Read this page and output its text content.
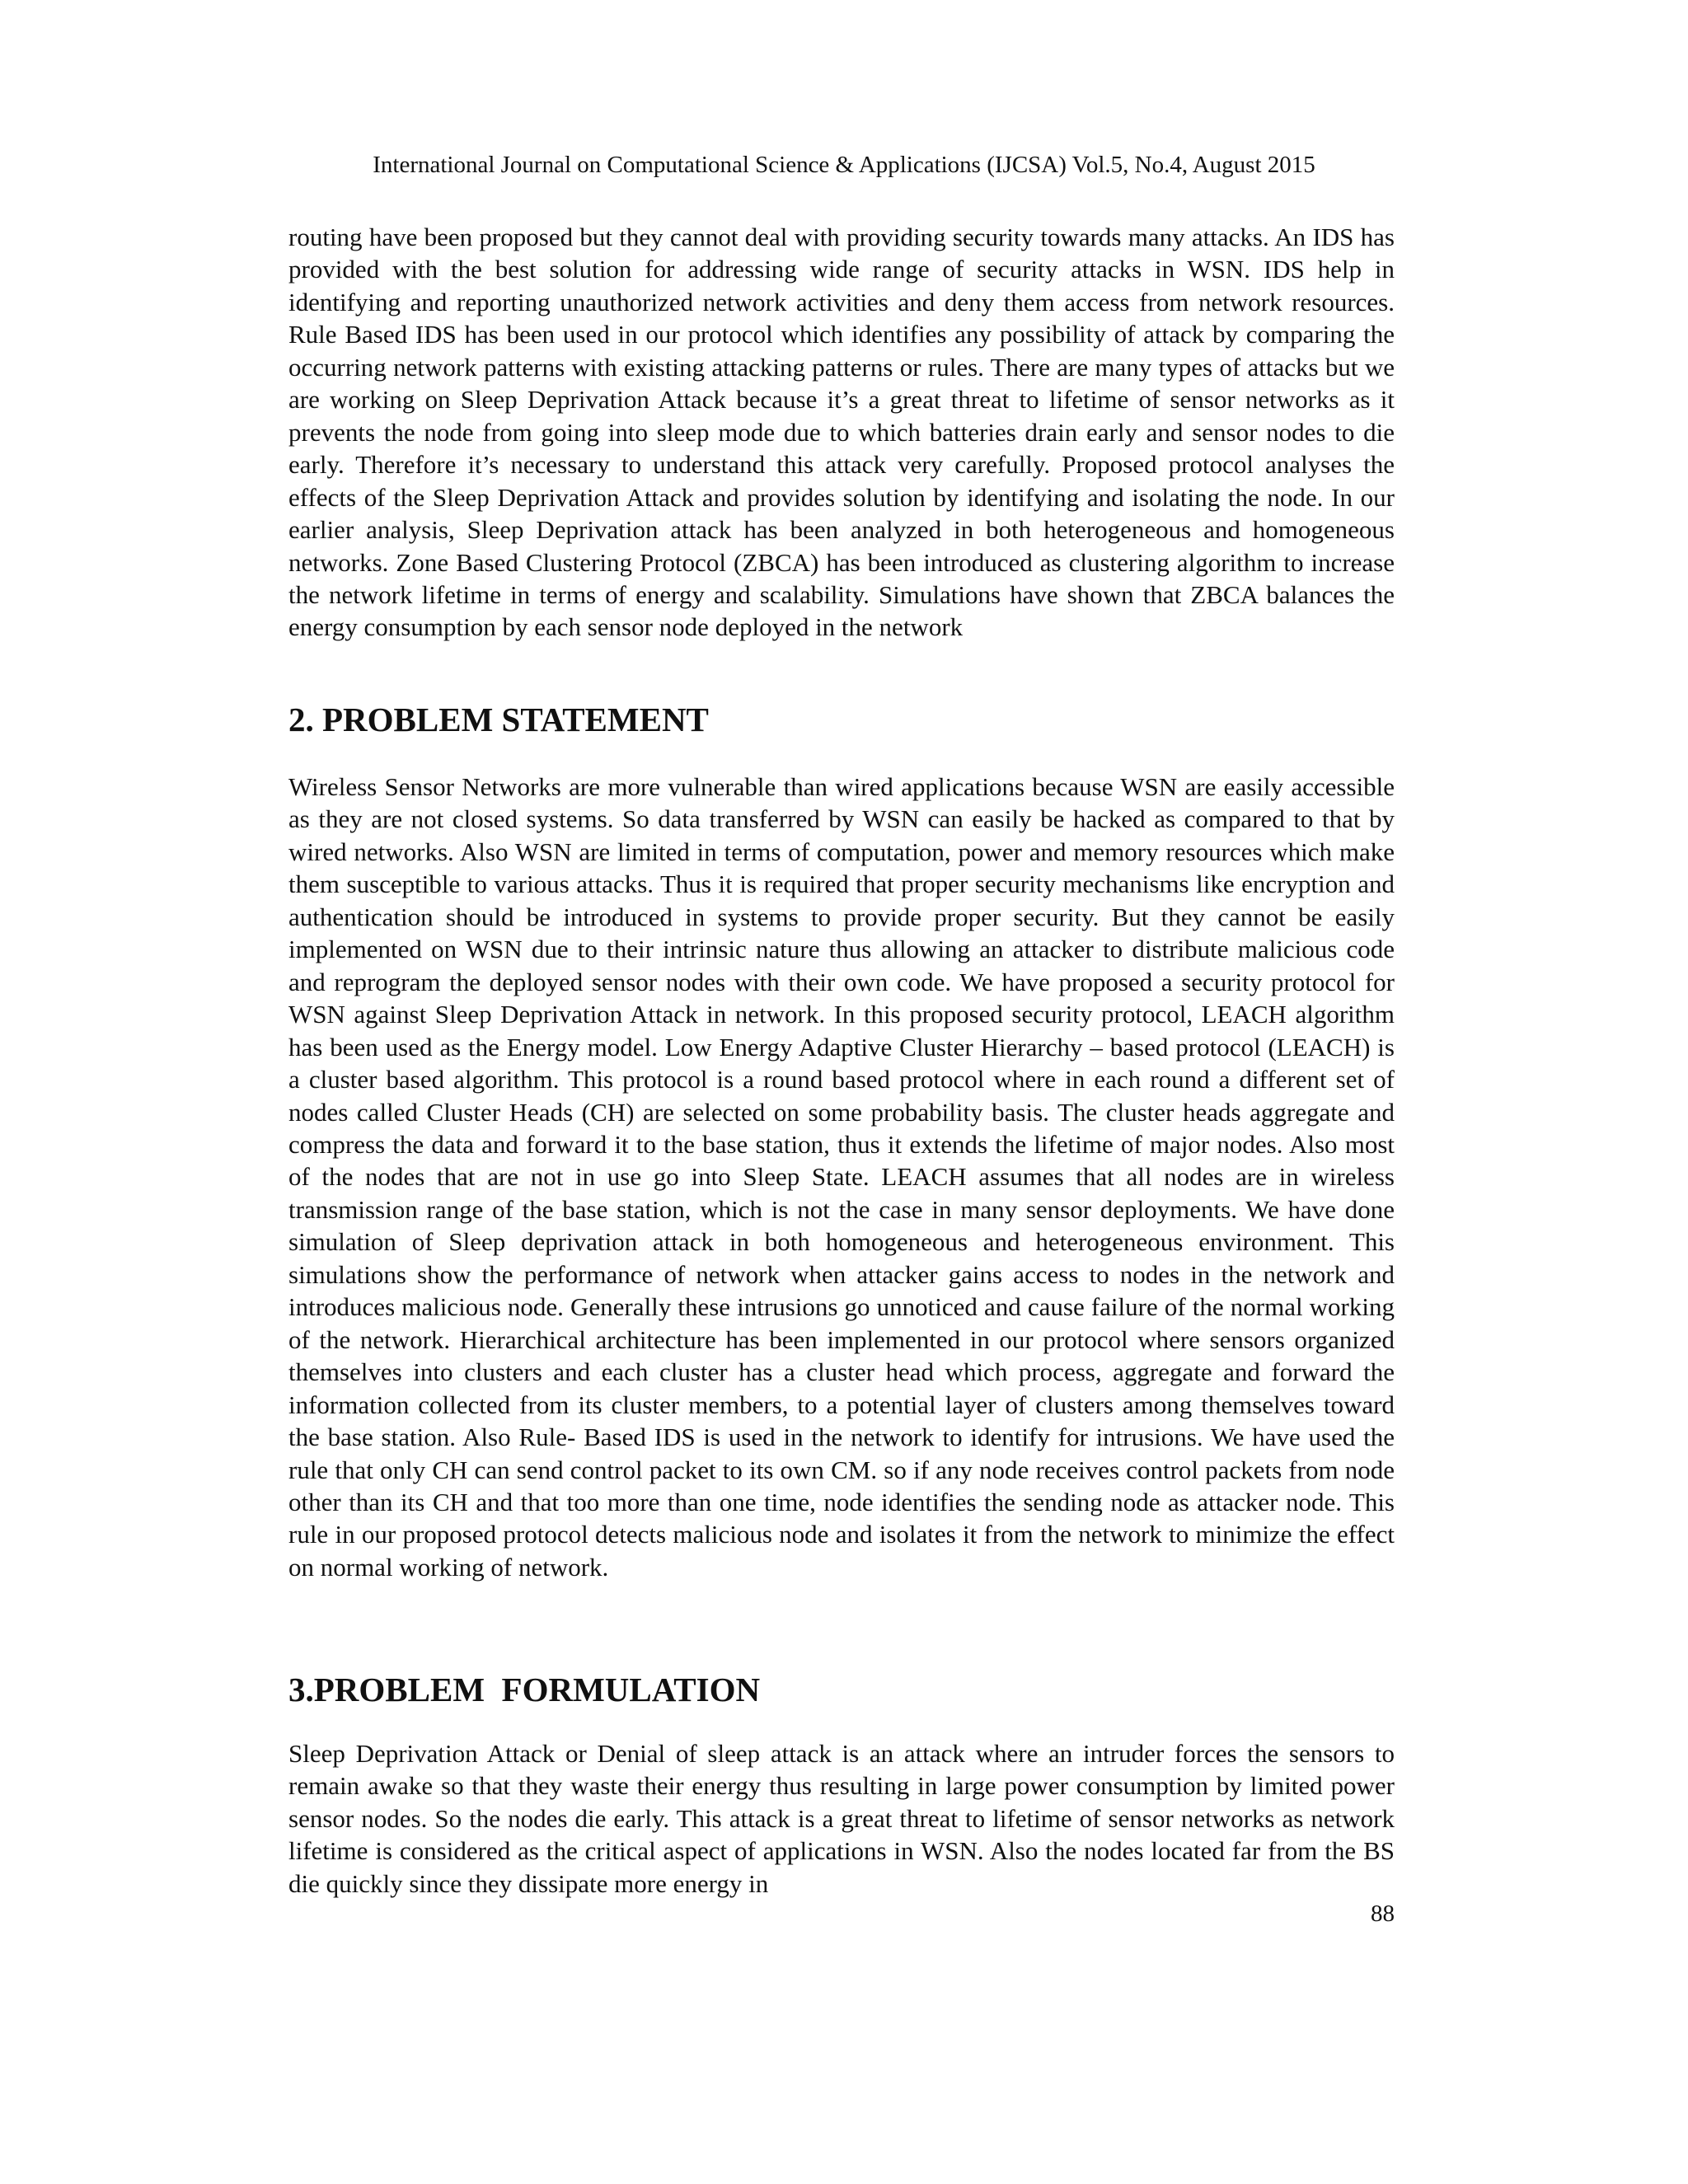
International Journal on Computational Science & Applications (IJCSA) Vol.5, No.4, August 2015

routing have been proposed but they cannot deal with providing security towards many attacks. An IDS has provided with the best solution for addressing wide range of security attacks in WSN. IDS help in identifying and reporting unauthorized network activities and deny them access from network resources. Rule Based IDS has been used in our protocol which identifies any possibility of attack by comparing the occurring network patterns with existing attacking patterns or rules. There are many types of attacks but we are working on Sleep Deprivation Attack because it’s a great threat to lifetime of sensor networks as it prevents the node from going into sleep mode due to which batteries drain early and sensor nodes to die early. Therefore it’s necessary to understand this attack very carefully. Proposed protocol analyses the effects of the Sleep Deprivation Attack and provides solution by identifying and isolating the node. In our earlier analysis, Sleep Deprivation attack has been analyzed in both heterogeneous and homogeneous networks. Zone Based Clustering Protocol (ZBCA) has been introduced as clustering algorithm to increase the network lifetime in terms of energy and scalability. Simulations have shown that ZBCA balances the energy consumption by each sensor node deployed in the network

2. PROBLEM STATEMENT

Wireless Sensor Networks are more vulnerable than wired applications because WSN are easily accessible as they are not closed systems. So data transferred by WSN can easily be hacked as compared to that by wired networks. Also WSN are limited in terms of computation, power and memory resources which make them susceptible to various attacks. Thus it is required that proper security mechanisms like encryption and authentication should be introduced in systems to provide proper security. But they cannot be easily implemented on WSN due to their intrinsic nature thus allowing an attacker to distribute malicious code and reprogram the deployed sensor nodes with their own code. We have proposed a security protocol for WSN against Sleep Deprivation Attack in network. In this proposed security protocol, LEACH algorithm has been used as the Energy model. Low Energy Adaptive Cluster Hierarchy – based protocol (LEACH) is a cluster based algorithm. This protocol is a round based protocol where in each round a different set of nodes called Cluster Heads (CH) are selected on some probability basis. The cluster heads aggregate and compress the data and forward it to the base station, thus it extends the lifetime of major nodes. Also most of the nodes that are not in use go into Sleep State. LEACH assumes that all nodes are in wireless transmission range of the base station, which is not the case in many sensor deployments. We have done simulation of Sleep deprivation attack in both homogeneous and heterogeneous environment. This simulations show the performance of network when attacker gains access to nodes in the network and introduces malicious node. Generally these intrusions go unnoticed and cause failure of the normal working of the network. Hierarchical architecture has been implemented in our protocol where sensors organized themselves into clusters and each cluster has a cluster head which process, aggregate and forward the information collected from its cluster members, to a potential layer of clusters among themselves toward the base station. Also Rule- Based IDS is used in the network to identify for intrusions. We have used the rule that only CH can send control packet to its own CM. so if any node receives control packets from node other than its CH and that too more than one time, node identifies the sending node as attacker node. This rule in our proposed protocol detects malicious node and isolates it from the network to minimize the effect on normal working of network.

3.PROBLEM  FORMULATION

Sleep Deprivation Attack or Denial of sleep attack is an attack where an intruder forces the sensors to remain awake so that they waste their energy thus resulting in large power consumption by limited power sensor nodes. So the nodes die early. This attack is a great threat to lifetime of sensor networks as network lifetime is considered as the critical aspect of applications in WSN. Also the nodes located far from the BS die quickly since they dissipate more energy in

88
